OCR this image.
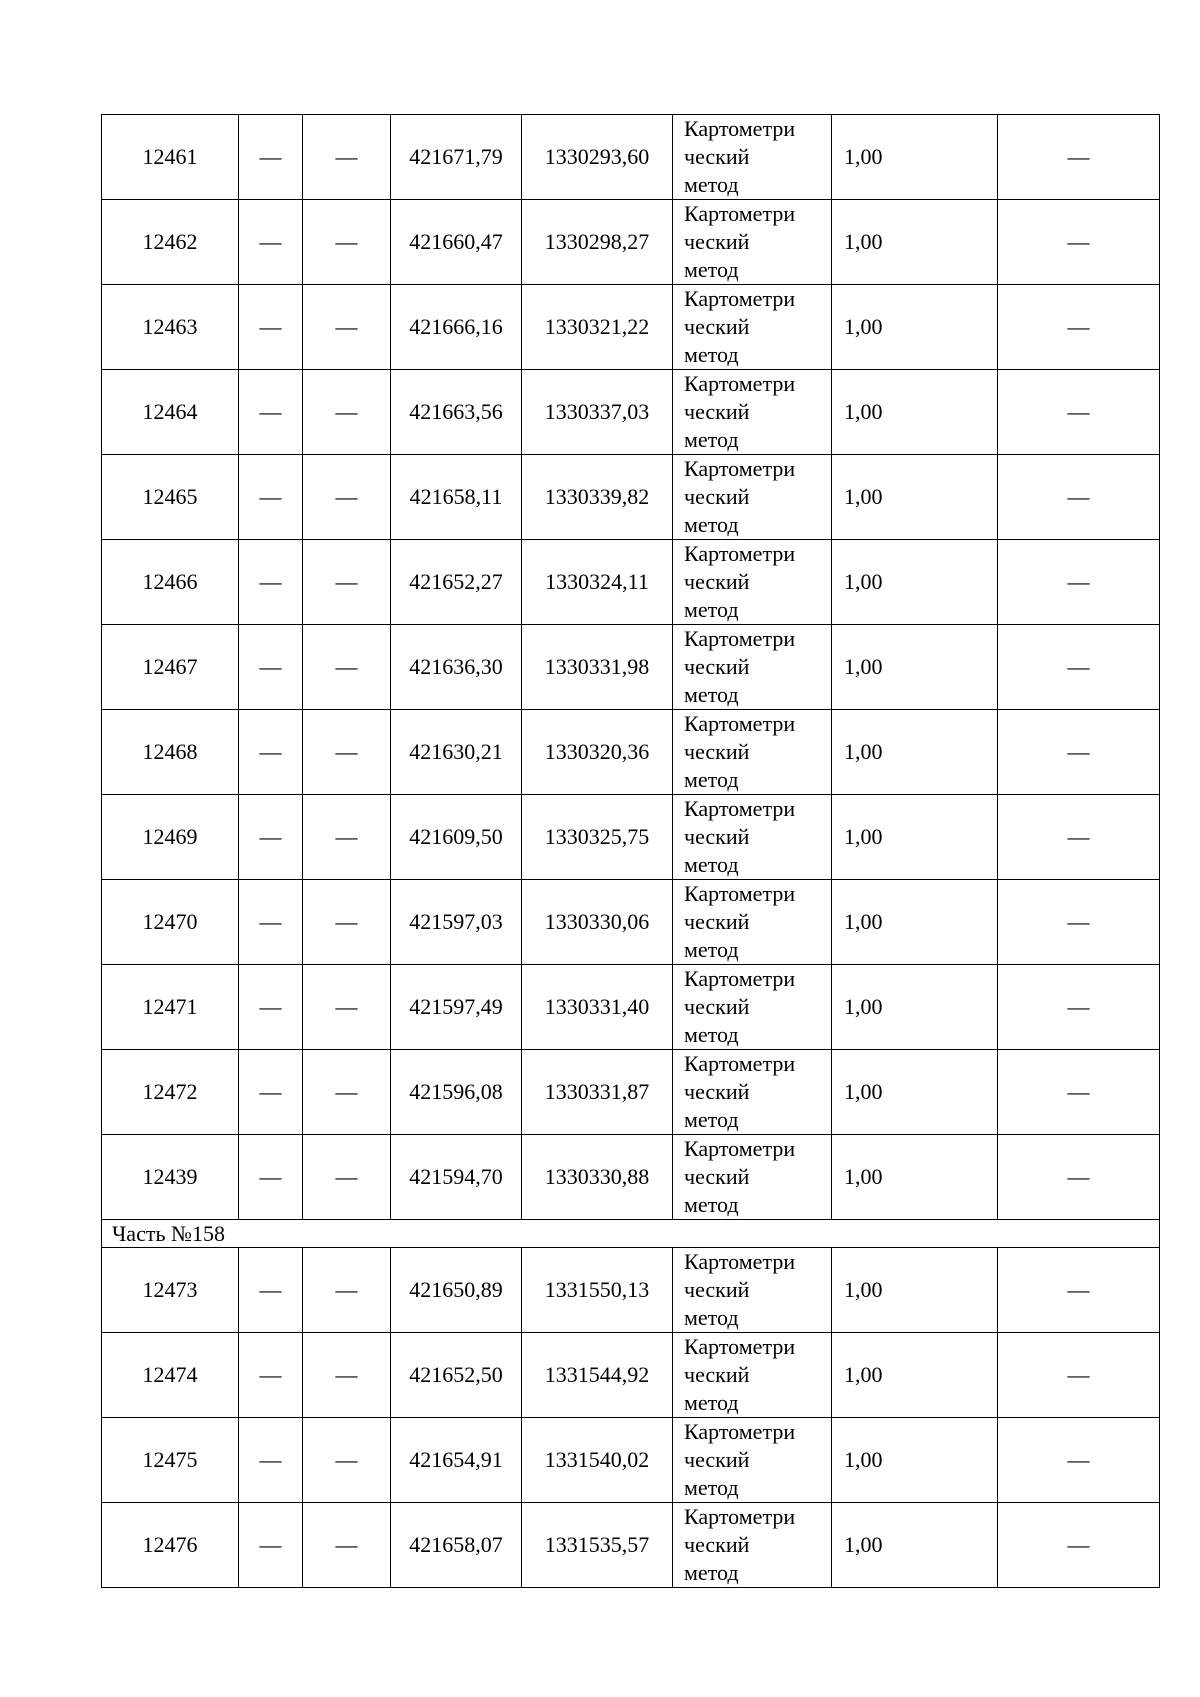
12461	—	—	421671,79	1330293,60	Картометри
ческий
метод	1,00	—
12462	—	—	421660,47	1330298,27	Картометри
ческий
метод	1,00	—
12463	—	—	421666,16	1330321,22	Картометри
ческий
метод	1,00	—
12464	—	—	421663,56	1330337,03	Картометри
ческий
метод	1,00	—
12465	—	—	421658,11	1330339,82	Картометри
ческий
метод	1,00	—
12466	—	—	421652,27	1330324,11	Картометри
ческий
метод	1,00	—
12467	—	—	421636,30	1330331,98	Картометри
ческий
метод	1,00	—
12468	—	—	421630,21	1330320,36	Картометри
ческий
метод	1,00	—
12469	—	—	421609,50	1330325,75	Картометри
ческий
метод	1,00	—
12470	—	—	421597,03	1330330,06	Картометри
ческий
метод	1,00	—
12471	—	—	421597,49	1330331,40	Картометри
ческий
метод	1,00	—
12472	—	—	421596,08	1330331,87	Картометри
ческий
метод	1,00	—
12439	—	—	421594,70	1330330,88	Картометри
ческий
метод	1,00	—
Часть №158							
12473	—	—	421650,89	1331550,13	Картометри
ческий
метод	1,00	—
12474	—	—	421652,50	1331544,92	Картометри
ческий
метод	1,00	—
12475	—	—	421654,91	1331540,02	Картометри
ческий
метод	1,00	—
12476	—	—	421658,07	1331535,57	Картометри
ческий
метод	1,00	—
